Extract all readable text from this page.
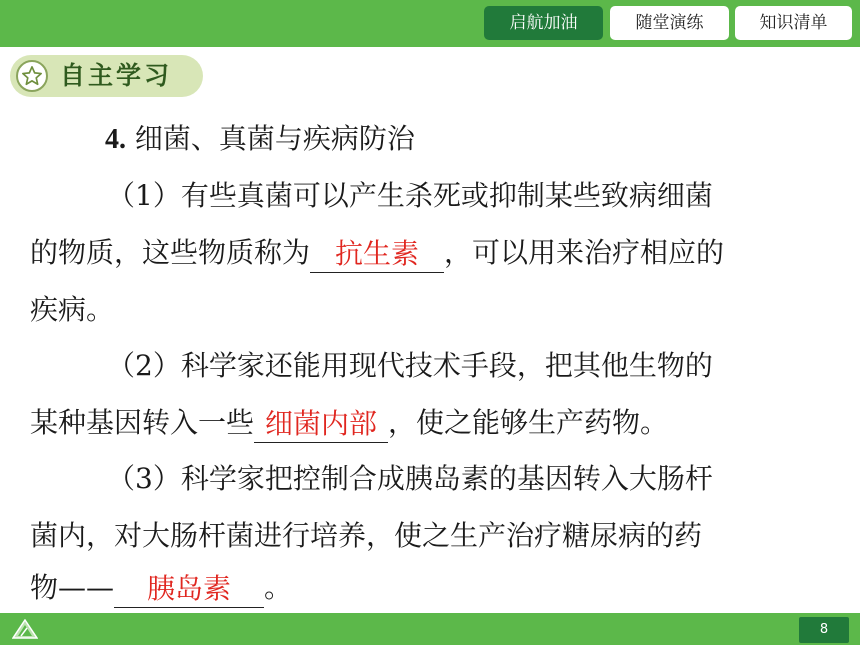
启航加油	随堂演练	知识清单
自主学习
4. 细菌、真菌与疾病防治
（1）有些真菌可以产生杀死或抑制某些致病细菌
的物质，这些物质称为 抗生素 ，可以用来治疗相应的
疾病。
（2）科学家还能用现代技术手段，把其他生物的
某种基因转入一些 细菌内部 ，使之能够生产药物。
（3）科学家把控制合成胰岛素的基因转入大肠杆
菌内，对大肠杆菌进行培养，使之生产治疗糖尿病的药
物——	胰岛素	。
8
